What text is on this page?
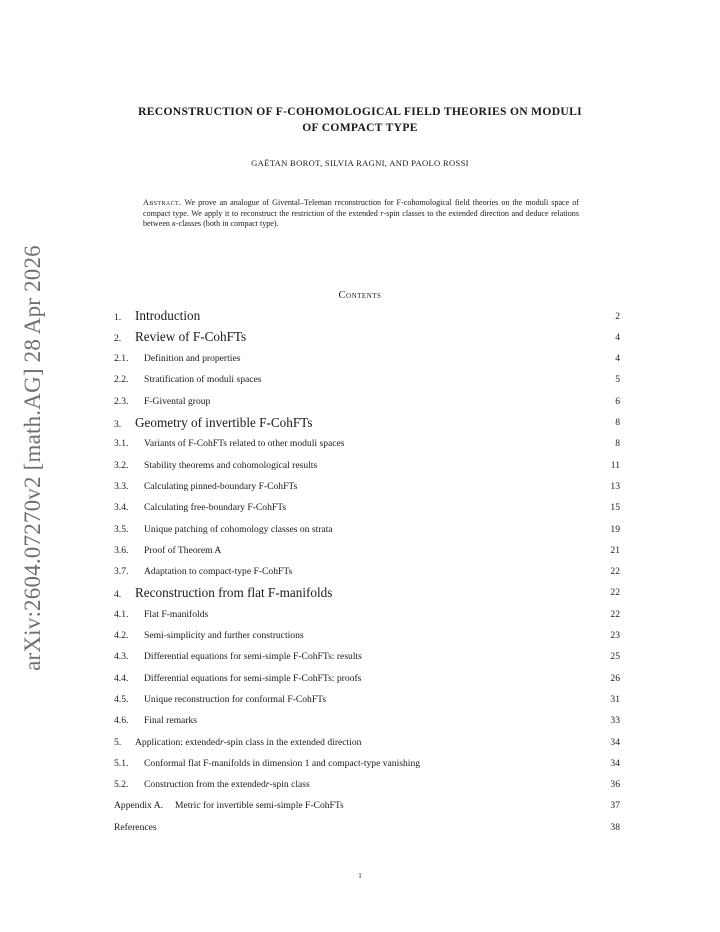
arXiv:2604.07270v2 [math.AG] 28 Apr 2026
RECONSTRUCTION OF F-COHOMOLOGICAL FIELD THEORIES ON MODULI
OF COMPACT TYPE
GAËTAN BOROT, SILVIA RAGNI, AND PAOLO ROSSI
Abstract. We prove an analogue of Givental–Teleman reconstruction for F-cohomological field theories on the moduli space of compact type. We apply it to reconstruct the restriction of the extended r-spin classes to the extended direction and deduce relations between κ-classes (both in compact type).
Contents
1.	Introduction	2
2.	Review of F-CohFTs	4
2.1.	Definition and properties	4
2.2.	Stratification of moduli spaces	5
2.3.	F-Givental group	6
3.	Geometry of invertible F-CohFTs	8
3.1.	Variants of F-CohFTs related to other moduli spaces	8
3.2.	Stability theorems and cohomological results	11
3.3.	Calculating pinned-boundary F-CohFTs	13
3.4.	Calculating free-boundary F-CohFTs	15
3.5.	Unique patching of cohomology classes on strata	19
3.6.	Proof of Theorem A	21
3.7.	Adaptation to compact-type F-CohFTs	22
4.	Reconstruction from flat F-manifolds	22
4.1.	Flat F-manifolds	22
4.2.	Semi-simplicity and further constructions	23
4.3.	Differential equations for semi-simple F-CohFTs: results	25
4.4.	Differential equations for semi-simple F-CohFTs: proofs	26
4.5.	Unique reconstruction for conformal F-CohFTs	31
4.6.	Final remarks	33
5.	Application: extended r -spin class in the extended direction	34
5.1.	Conformal flat F-manifolds in dimension 1 and compact-type vanishing	34
5.2.	Construction from the extended r -spin class	36
Appendix A.	Metric for invertible semi-simple F-CohFTs	37
References	38
1
